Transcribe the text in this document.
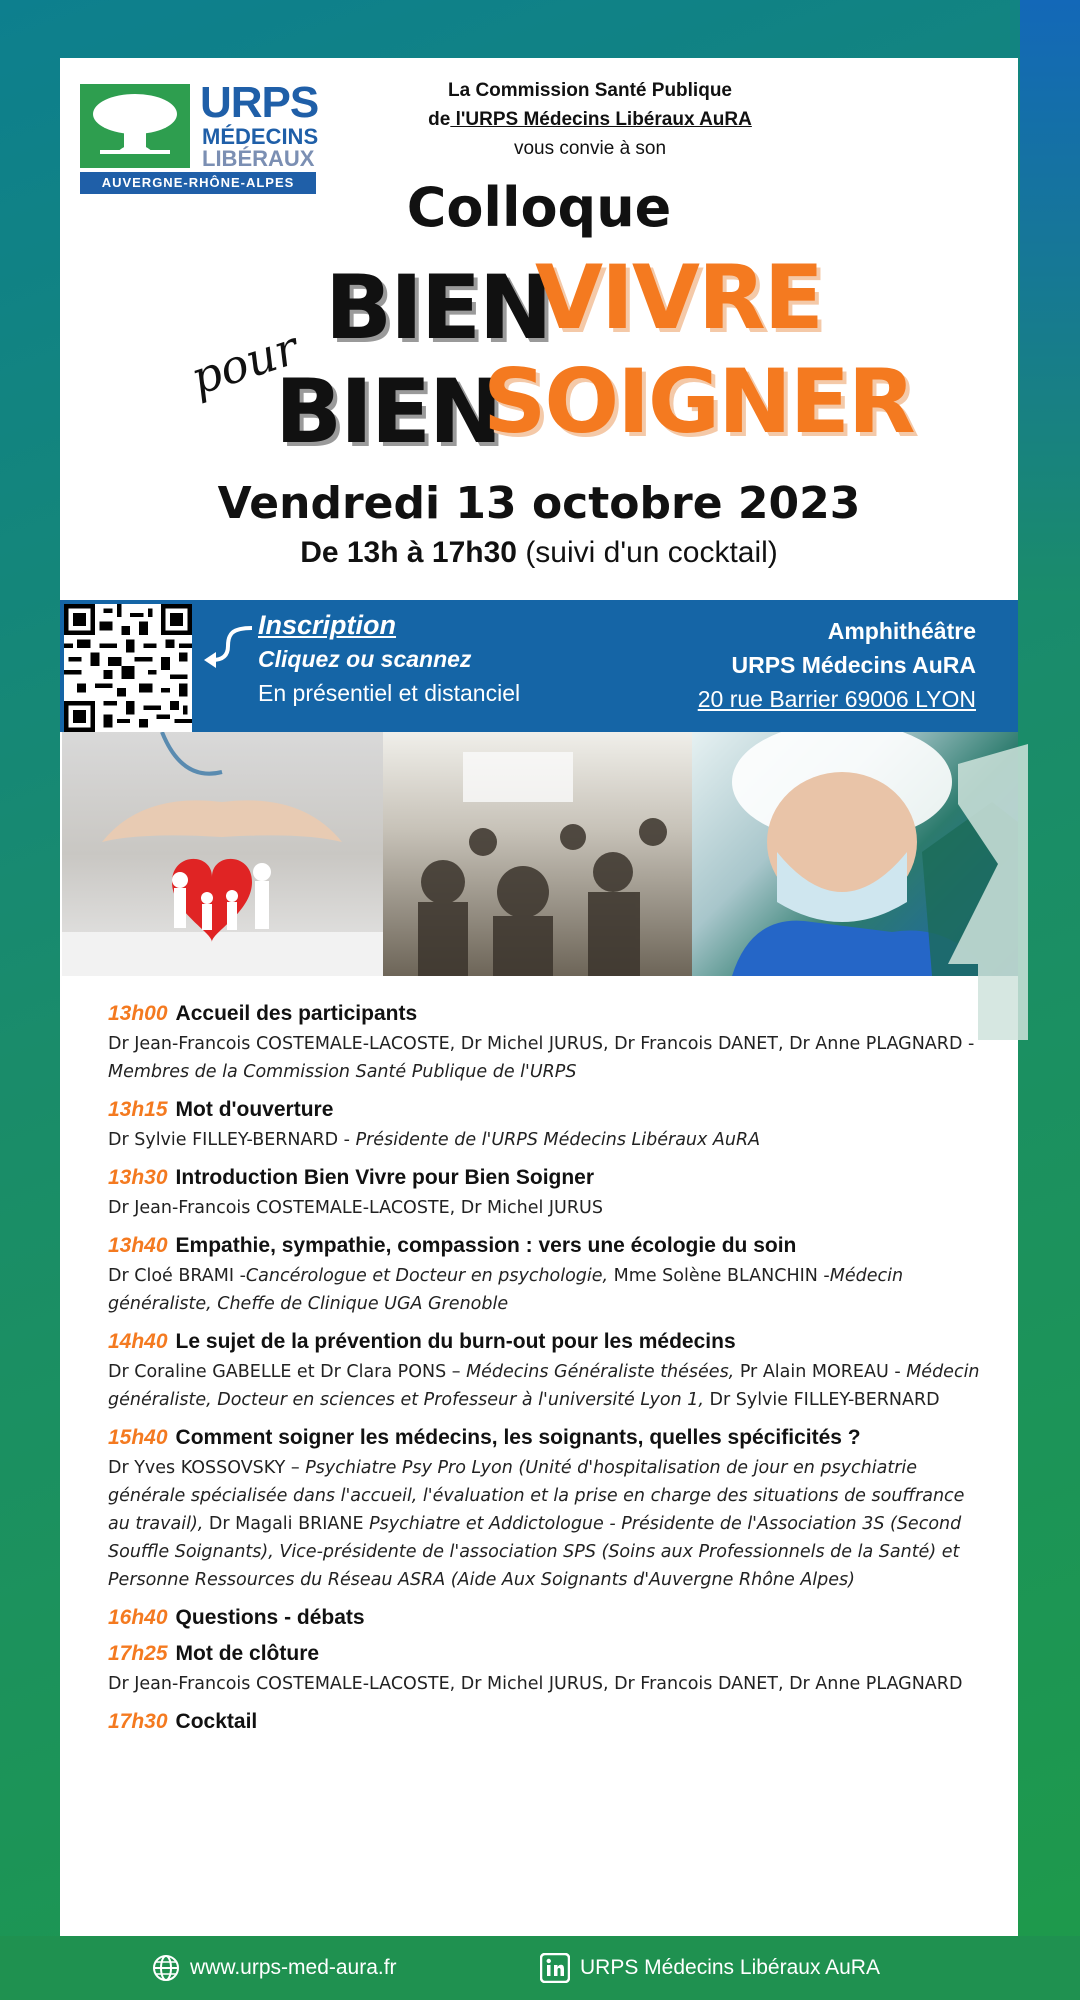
URPS
MÉDECINS
LIBÉRAUX
AUVERGNE-RHÔNE-ALPES
La Commission Santé Publique
de l'URPS Médecins Libéraux AuRA
vous convie à son
Colloque
BIEN
VIVRE
pour
BIEN
SOIGNER
Vendredi 13 octobre 2023
De 13h à 17h30 (suivi d'un cocktail)
Inscription
Cliquez ou scannez
En présentiel et distanciel
Amphithéâtre
URPS Médecins AuRA
20 rue Barrier 69006 LYON
13h00 Accueil des participants
Dr Jean-Francois COSTEMALE-LACOSTE, Dr Michel JURUS, Dr Francois DANET, Dr Anne PLAGNARD - Membres de la Commission Santé Publique de l'URPS
13h15 Mot d'ouverture
Dr Sylvie FILLEY-BERNARD - Présidente de l'URPS Médecins Libéraux AuRA
13h30 Introduction Bien Vivre pour Bien Soigner
Dr Jean-Francois COSTEMALE-LACOSTE, Dr Michel JURUS
13h40 Empathie, sympathie, compassion : vers une écologie du soin
Dr Cloé BRAMI -Cancérologue et Docteur en psychologie, Mme Solène BLANCHIN -Médecin généraliste, Cheffe de Clinique UGA Grenoble
14h40 Le sujet de la prévention du burn-out pour les médecins
Dr Coraline GABELLE et Dr Clara PONS – Médecins Généraliste thésées, Pr Alain MOREAU - Médecin généraliste, Docteur en sciences et Professeur à l'université Lyon 1, Dr Sylvie FILLEY-BERNARD
15h40 Comment soigner les médecins, les soignants, quelles spécificités ?
Dr Yves KOSSOVSKY – Psychiatre Psy Pro Lyon (Unité d'hospitalisation de jour en psychiatrie générale spécialisée dans l'accueil, l'évaluation et la prise en charge des situations de souffrance au travail), Dr Magali BRIANE Psychiatre et Addictologue - Présidente de l'Association 3S (Second Souffle Soignants), Vice-présidente de l'association SPS (Soins aux Professionnels de la Santé) et Personne Ressources du Réseau ASRA (Aide Aux Soignants d'Auvergne Rhône Alpes)
16h40 Questions - débats
17h25 Mot de clôture
Dr Jean-Francois COSTEMALE-LACOSTE, Dr Michel JURUS, Dr Francois DANET, Dr Anne PLAGNARD
17h30 Cocktail
www.urps-med-aura.fr	URPS Médecins Libéraux AuRA
